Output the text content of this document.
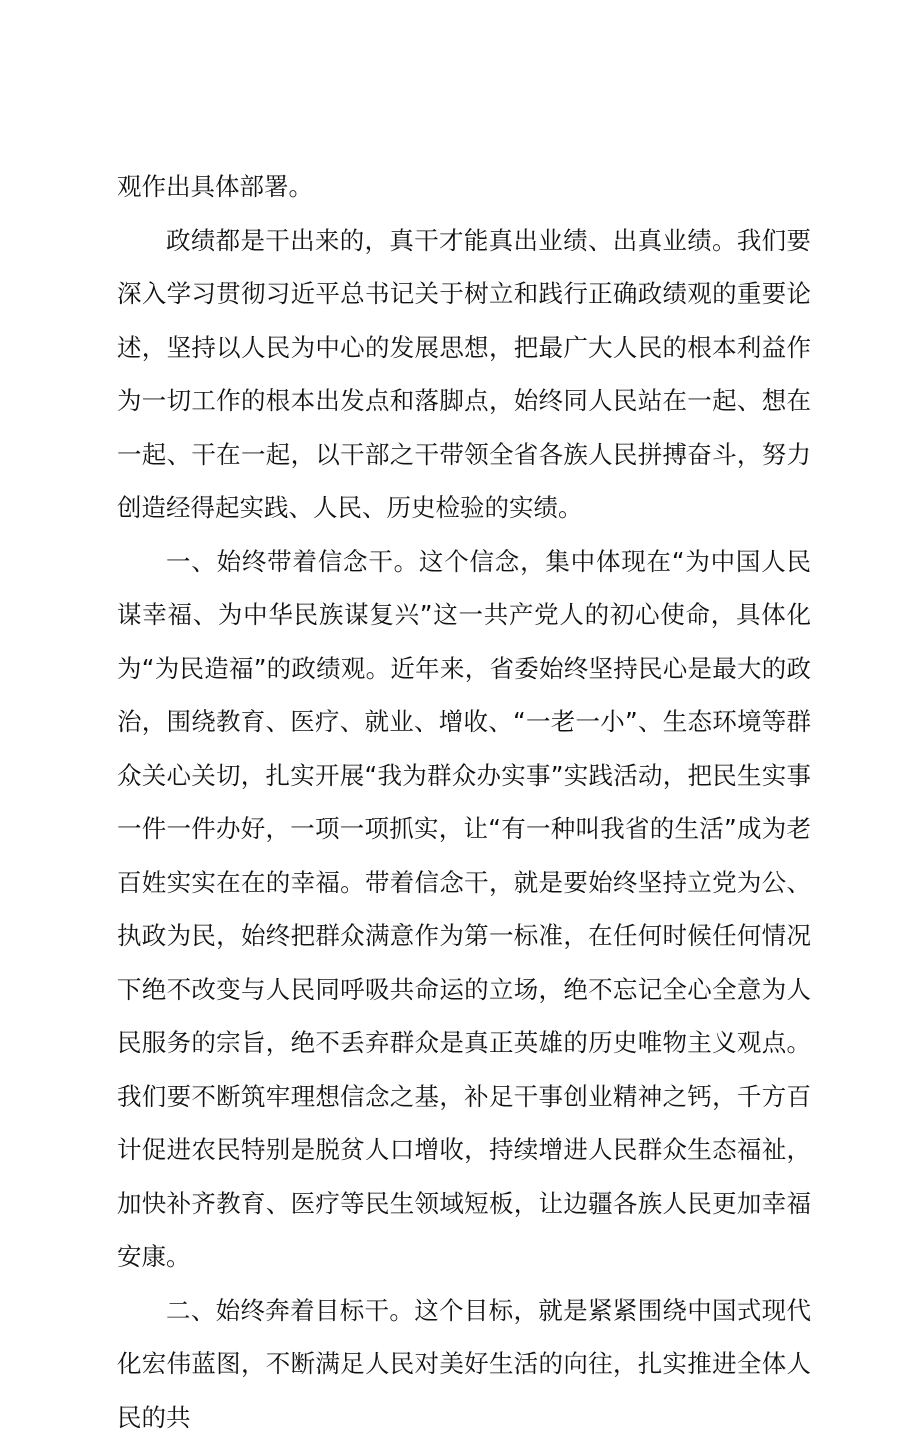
观作出具体部署。

政绩都是干出来的，真干才能真出业绩、出真业绩。我们要深入学习贯彻习近平总书记关于树立和践行正确政绩观的重要论述，坚持以人民为中心的发展思想，把最广大人民的根本利益作为一切工作的根本出发点和落脚点，始终同人民站在一起、想在一起、干在一起，以干部之干带领全省各族人民拼搏奋斗，努力创造经得起实践、人民、历史检验的实绩。

一、始终带着信念干。这个信念，集中体现在“为中国人民谋幸福、为中华民族谋复兴”这一共产党人的初心使命，具体化为“为民造福”的政绩观。近年来，省委始终坚持民心是最大的政治，围绕教育、医疗、就业、增收、“一老一小”、生态环境等群众关心关切，扎实开展“我为群众办实事”实践活动，把民生实事一件一件办好，一项一项抓实，让“有一种叫我省的生活”成为老百姓实实在在的幸福。带着信念干，就是要始终坚持立党为公、执政为民，始终把群众满意作为第一标准，在任何时候任何情况下绝不改变与人民同呼吸共命运的立场，绝不忘记全心全意为人民服务的宗旨，绝不丢弃群众是真正英雄的历史唯物主义观点。我们要不断筑牢理想信念之基，补足干事创业精神之钙，千方百计促进农民特别是脱贫人口增收，持续增进人民群众生态福祉，加快补齐教育、医疗等民生领域短板，让边疆各族人民更加幸福安康。

二、始终奔着目标干。这个目标，就是紧紧围绕中国式现代化宏伟蓝图，不断满足人民对美好生活的向往，扎实推进全体人民的共
